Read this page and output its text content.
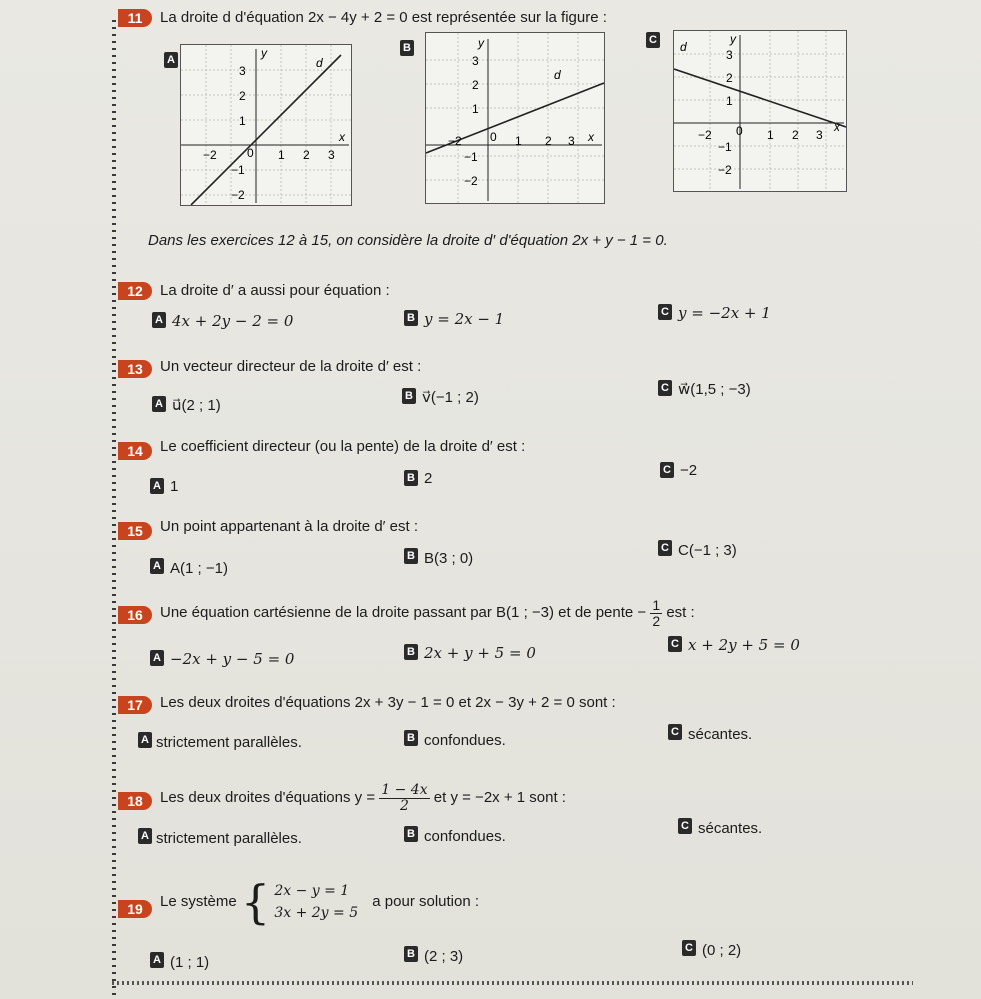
11	La droite d d'équation 2x − 4y + 2 = 0 est représentée sur la figure :
A	y
x
d
−2	0 1 2 3
3
2
1
−1
−2
B	y
x
d
−2 0 1 2 3
3
2
1
−1
−2
C	y
x
d
−2 0 1 2 3
3
2
1
−1
−2
Dans les exercices 12 à 15, on considère la droite d′ d'équation 2x + y − 1 = 0.
12	La droite d′ a aussi pour équation :
A 4x + 2y − 2 = 0	B y = 2x − 1	C y = −2x + 1
13	Un vecteur directeur de la droite d′ est :
A u⃗(2 ; 1)
B v⃗(−1 ; 2)
C w⃗(1,5 ; −3)
14	Le coefficient directeur (ou la pente) de la droite d′ est :
A 1	B 2	C −2
15	Un point appartenant à la droite d′ est :
A A(1 ; −1)
B B(3 ; 0)
C C(−1 ; 3)
16	Une équation cartésienne de la droite passant par B(1 ; −3) et de pente − $\frac{1}{2}$ est :
A −2x + y − 5 = 0	B 2x + y + 5 = 0	C x + 2y + 5 = 0
17	Les deux droites d'équations 2x + 3y − 1 = 0 et 2x − 3y + 2 = 0 sont :
A strictement parallèles.	B confondues.	C sécantes.
18	Les deux droites d'équations $y = \frac{1 - 4x}{2}$ et y = −2x + 1 sont :
A strictement parallèles.	B confondues.
C sécantes.
19	Le système { 2x − y = 1
3x + 2y = 5
a pour solution :
A (1 ; 1)	B (2 ; 3)	C (0 ; 2)
